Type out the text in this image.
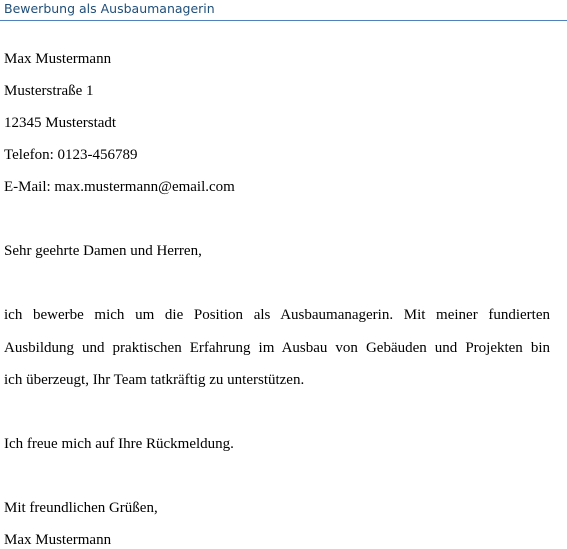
Bewerbung als Ausbaumanagerin
Max Mustermann
Musterstraße 1
12345 Musterstadt
Telefon: 0123-456789
E-Mail: max.mustermann@email.com
Sehr geehrte Damen und Herren,
ich bewerbe mich um die Position als Ausbaumanagerin. Mit meiner fundierten
Ausbildung und praktischen Erfahrung im Ausbau von Gebäuden und Projekten bin
ich überzeugt, Ihr Team tatkräftig zu unterstützen.
Ich freue mich auf Ihre Rückmeldung.
Mit freundlichen Grüßen,
Max Mustermann
